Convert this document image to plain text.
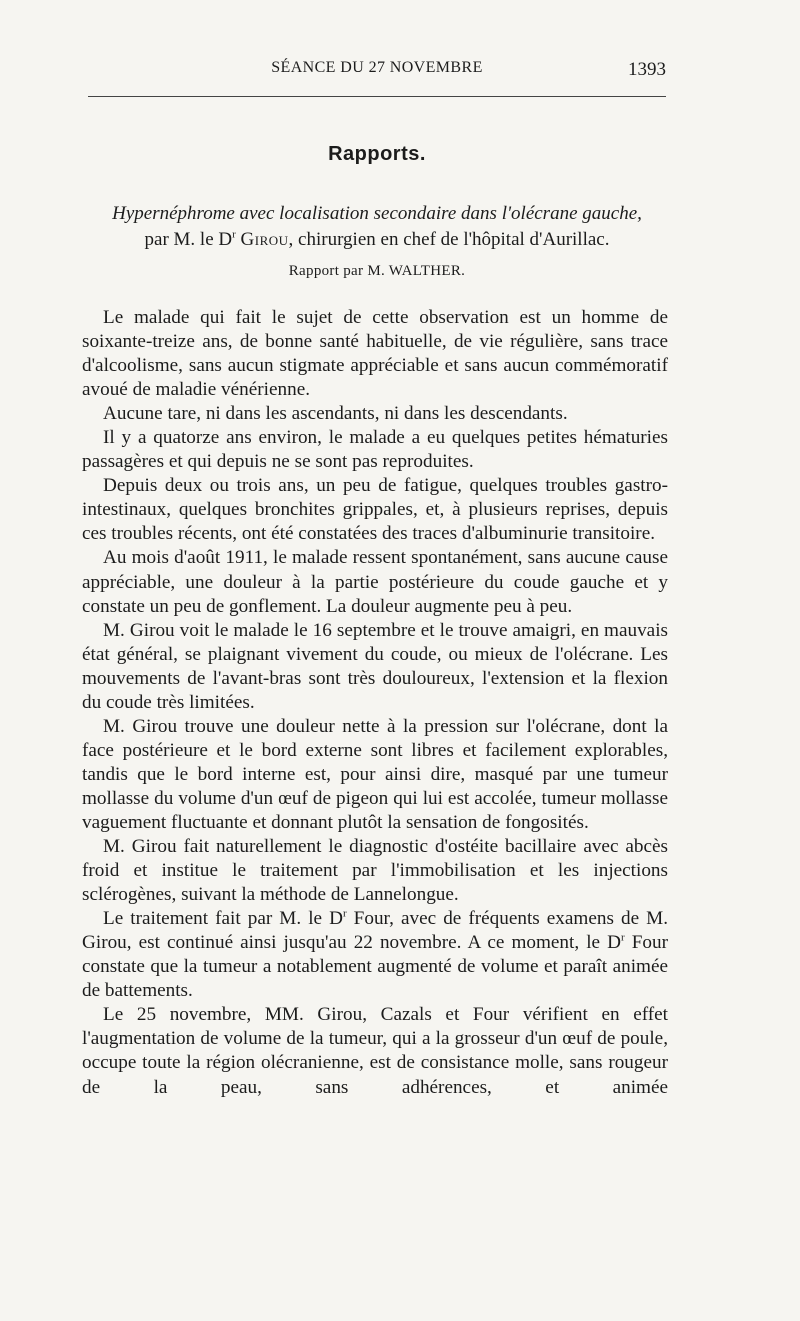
SÉANCE DU 27 NOVEMBRE	1393
Rapports.
Hypernéphrome avec localisation secondaire dans l'olécrane gauche,
par M. le $D^r$ Girou, chirurgien en chef de l'hôpital d'Aurillac.
Rapport par M. WALTHER.

Le malade qui fait le sujet de cette observation est un homme de soixante-treize ans, de bonne santé habituelle, de vie régulière, sans trace d'alcoolisme, sans aucun stigmate appréciable et sans aucun commémoratif avoué de maladie vénérienne.

Aucune tare, ni dans les ascendants, ni dans les descendants.

Il y a quatorze ans environ, le malade a eu quelques petites hématuries passagères et qui depuis ne se sont pas reproduites.

Depuis deux ou trois ans, un peu de fatigue, quelques troubles gastro-intestinaux, quelques bronchites grippales, et, à plusieurs reprises, depuis ces troubles récents, ont été constatées des traces d'albuminurie transitoire.

Au mois d'août 1911, le malade ressent spontanément, sans aucune cause appréciable, une douleur à la partie postérieure du coude gauche et y constate un peu de gonflement. La douleur augmente peu à peu.

M. Girou voit le malade le 16 septembre et le trouve amaigri, en mauvais état général, se plaignant vivement du coude, ou mieux de l'olécrane. Les mouvements de l'avant-bras sont très douloureux, l'extension et la flexion du coude très limitées.

M. Girou trouve une douleur nette à la pression sur l'olécrane, dont la face postérieure et le bord externe sont libres et facilement explorables, tandis que le bord interne est, pour ainsi dire, masqué par une tumeur mollasse du volume d'un œuf de pigeon qui lui est accolée, tumeur mollasse vaguement fluctuante et donnant plutôt la sensation de fongosités.

M. Girou fait naturellement le diagnostic d'ostéite bacillaire avec abcès froid et institue le traitement par l'immobilisation et les injections sclérogènes, suivant la méthode de Lannelongue.

Le traitement fait par M. le $D^r$ Four, avec de fréquents examens de M. Girou, est continué ainsi jusqu'au 22 novembre. A ce moment, le $D^r$ Four constate que la tumeur a notablement augmenté de volume et paraît animée de battements.

Le 25 novembre, MM. Girou, Cazals et Four vérifient en effet l'augmentation de volume de la tumeur, qui a la grosseur d'un œuf de poule, occupe toute la région olécranienne, est de consistance molle, sans rougeur de la peau, sans adhérences, et animée
